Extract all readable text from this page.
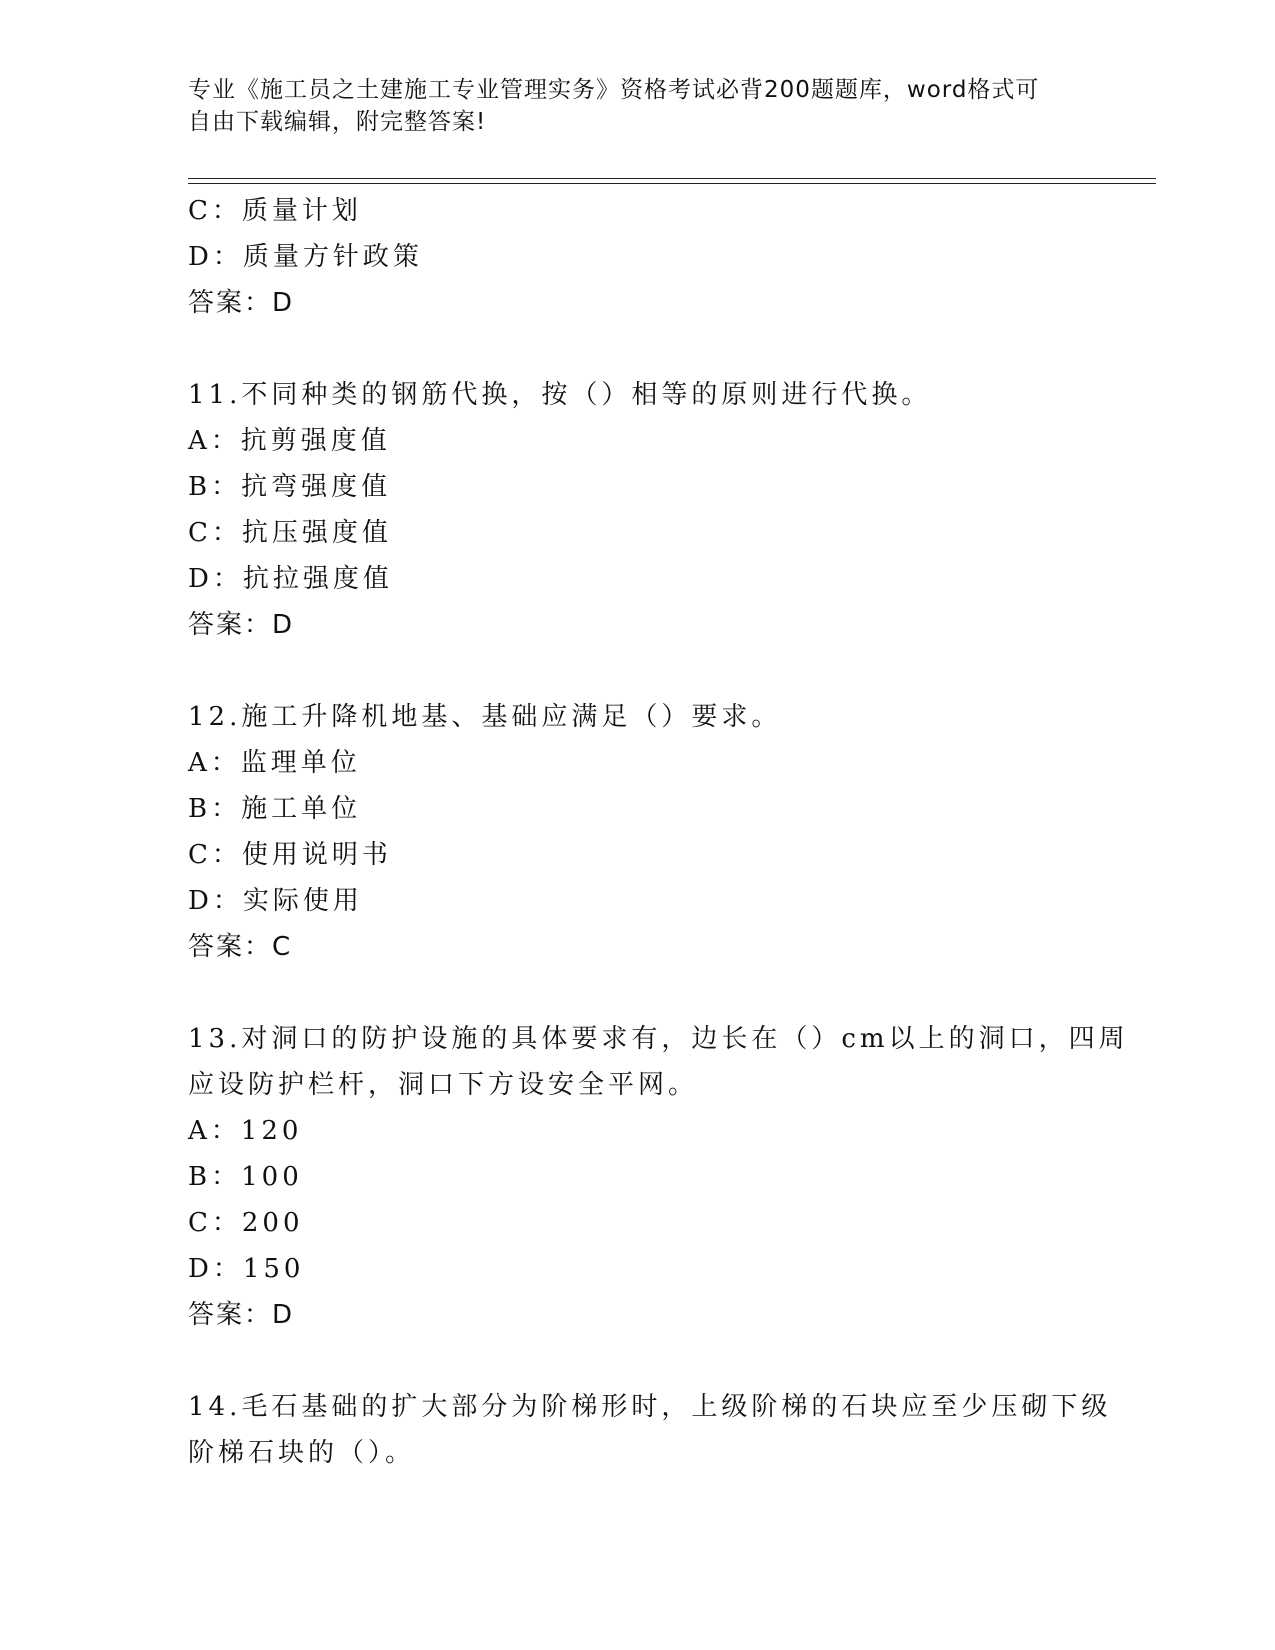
专业《施工员之土建施工专业管理实务》资格考试必背200题题库，word格式可
自由下载编辑，附完整答案!
C：质量计划
D：质量方针政策
答案：D
11.不同种类的钢筋代换，按（）相等的原则进行代换。
A：抗剪强度值
B：抗弯强度值
C：抗压强度值
D：抗拉强度值
答案：D
12.施工升降机地基、基础应满足（）要求。
A：监理单位
B：施工单位
C：使用说明书
D：实际使用
答案：C
13.对洞口的防护设施的具体要求有，边长在（）cm以上的洞口，四周
应设防护栏杆，洞口下方设安全平网。
A：120
B：100
C：200
D：150
答案：D
14.毛石基础的扩大部分为阶梯形时，上级阶梯的石块应至少压砌下级
阶梯石块的（）。
